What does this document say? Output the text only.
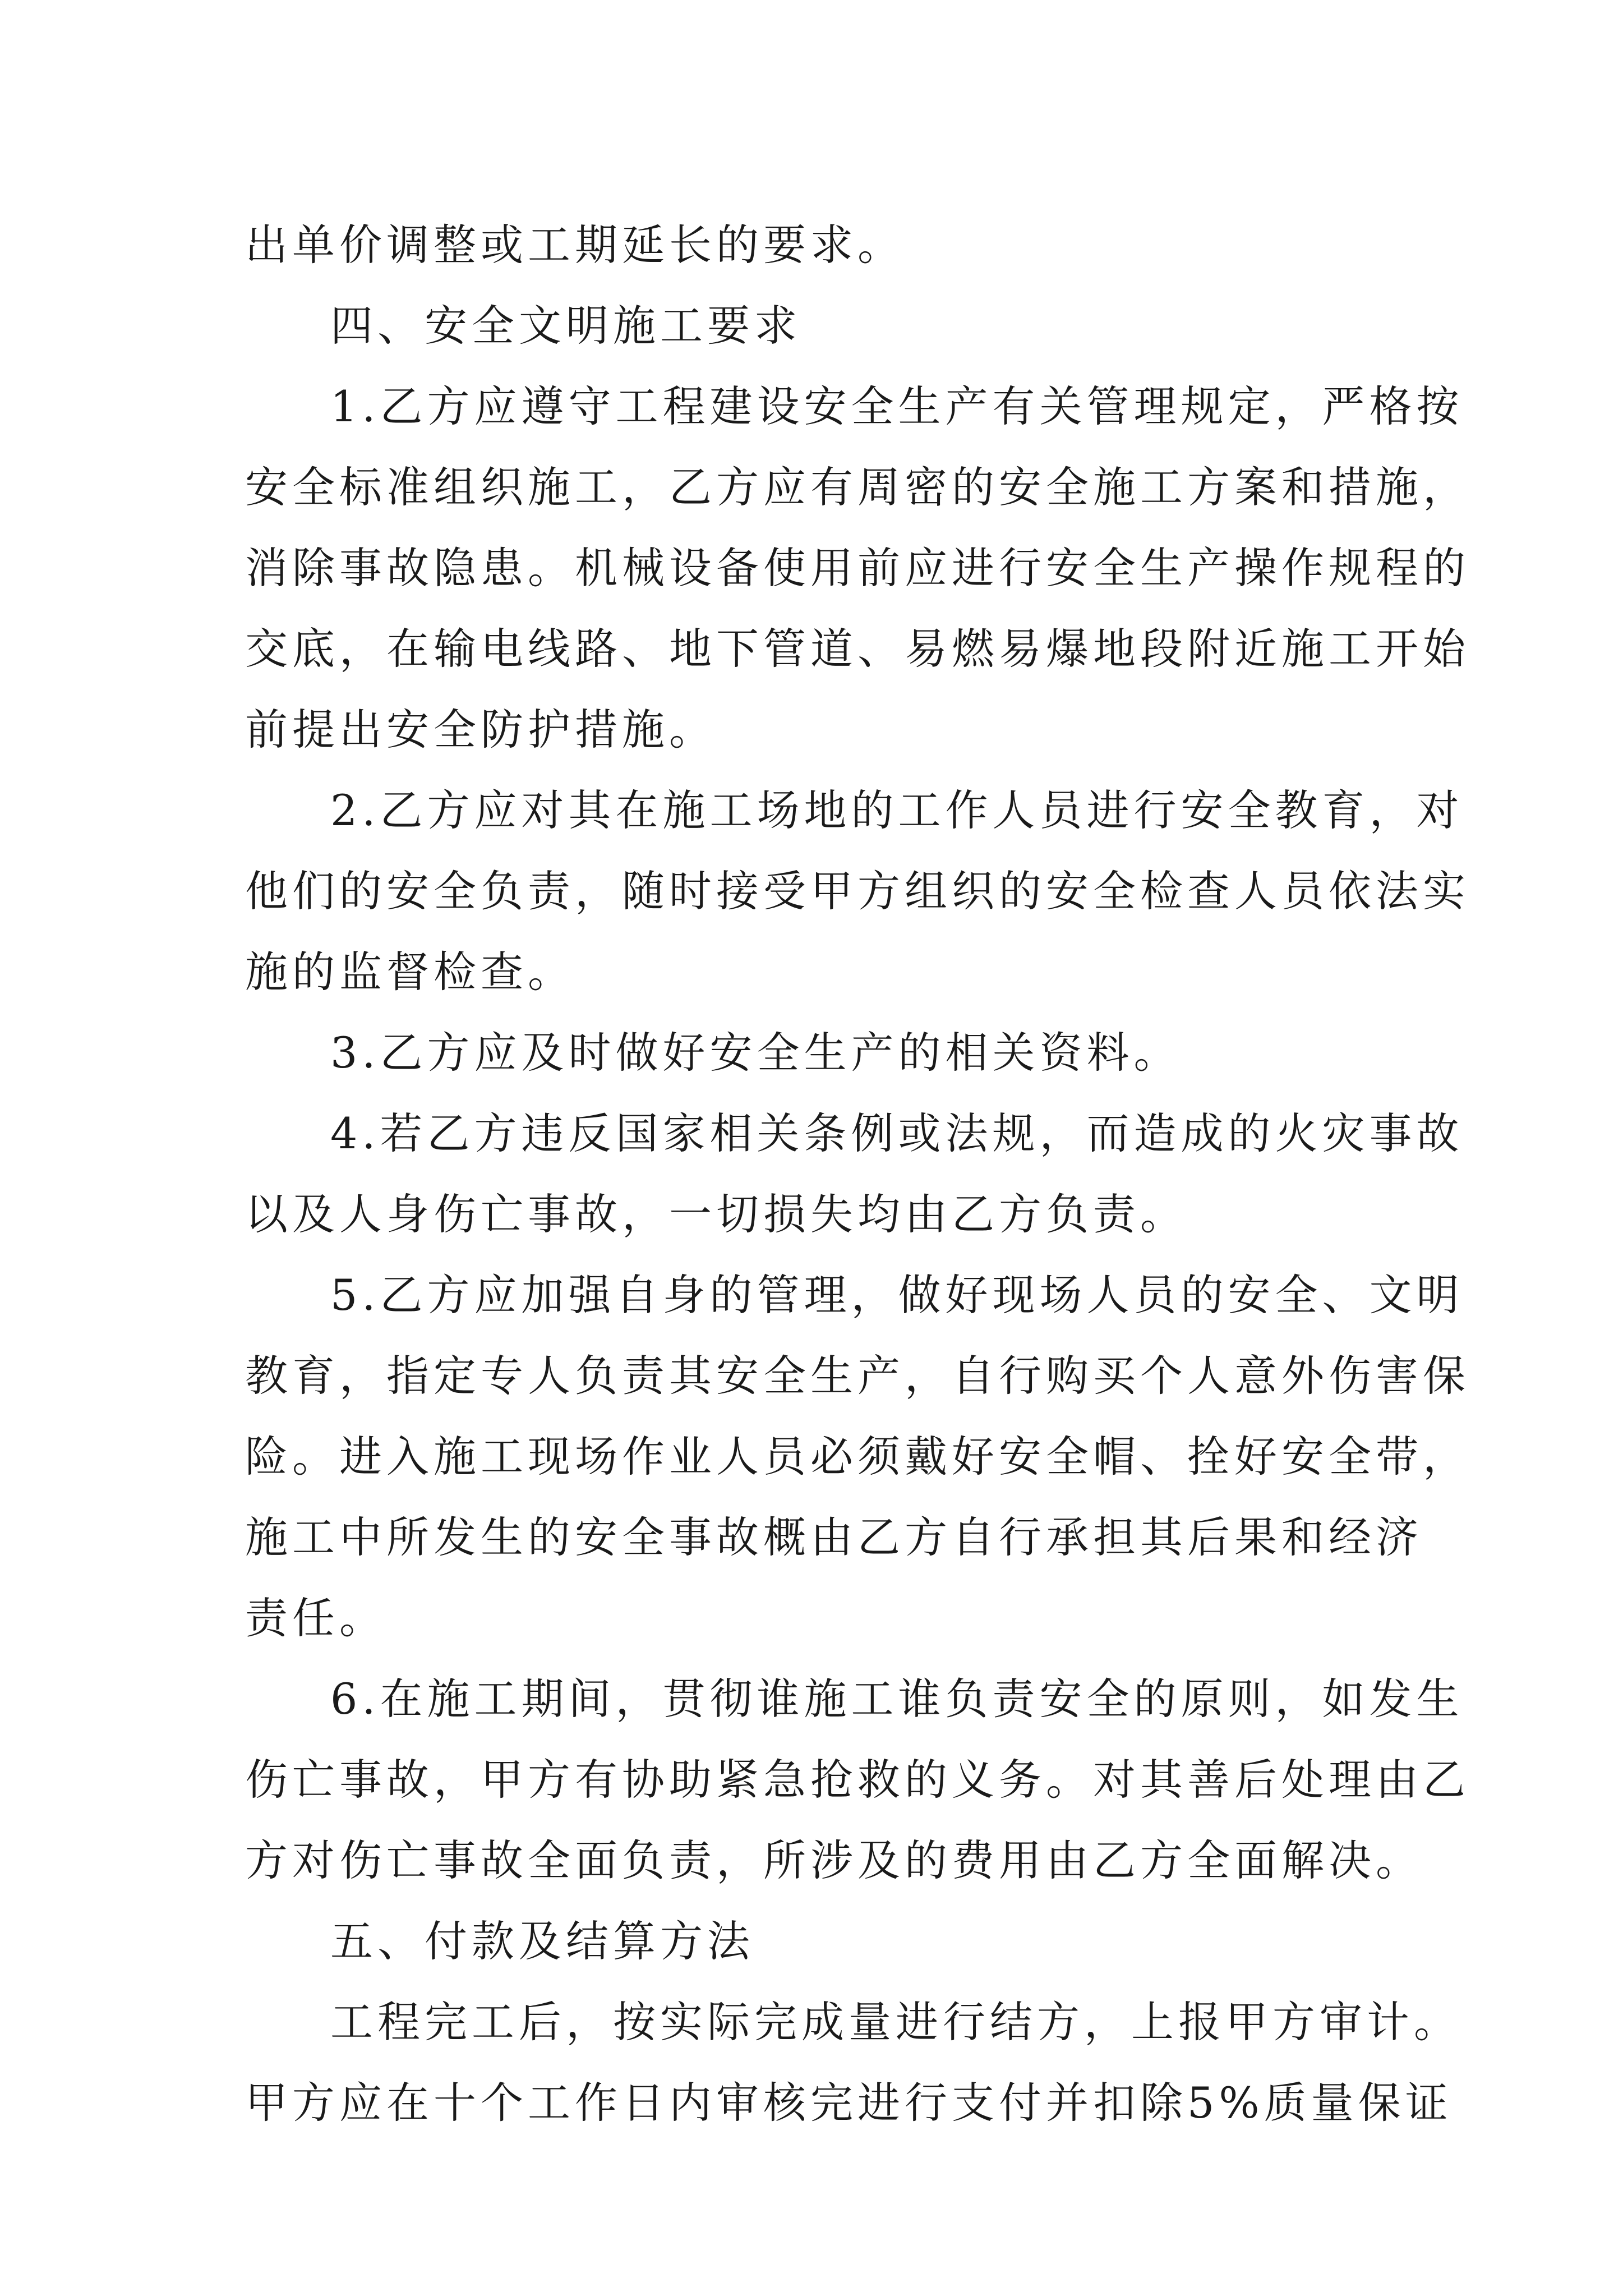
出单价调整或工期延长的要求。
四、安全文明施工要求
1.乙方应遵守工程建设安全生产有关管理规定，严格按
安全标准组织施工，乙方应有周密的安全施工方案和措施，
消除事故隐患。机械设备使用前应进行安全生产操作规程的
交底，在输电线路、地下管道、易燃易爆地段附近施工开始
前提出安全防护措施。
2.乙方应对其在施工场地的工作人员进行安全教育，对
他们的安全负责，随时接受甲方组织的安全检查人员依法实
施的监督检查。
3.乙方应及时做好安全生产的相关资料。
4.若乙方违反国家相关条例或法规，而造成的火灾事故
以及人身伤亡事故，一切损失均由乙方负责。
5.乙方应加强自身的管理，做好现场人员的安全、文明
教育，指定专人负责其安全生产，自行购买个人意外伤害保
险。进入施工现场作业人员必须戴好安全帽、拴好安全带，
施工中所发生的安全事故概由乙方自行承担其后果和经济
责任。
6.在施工期间，贯彻谁施工谁负责安全的原则，如发生
伤亡事故，甲方有协助紧急抢救的义务。对其善后处理由乙
方对伤亡事故全面负责，所涉及的费用由乙方全面解决。
五、付款及结算方法
工程完工后，按实际完成量进行结方，上报甲方审计。
甲方应在十个工作日内审核完进行支付并扣除5%质量保证
